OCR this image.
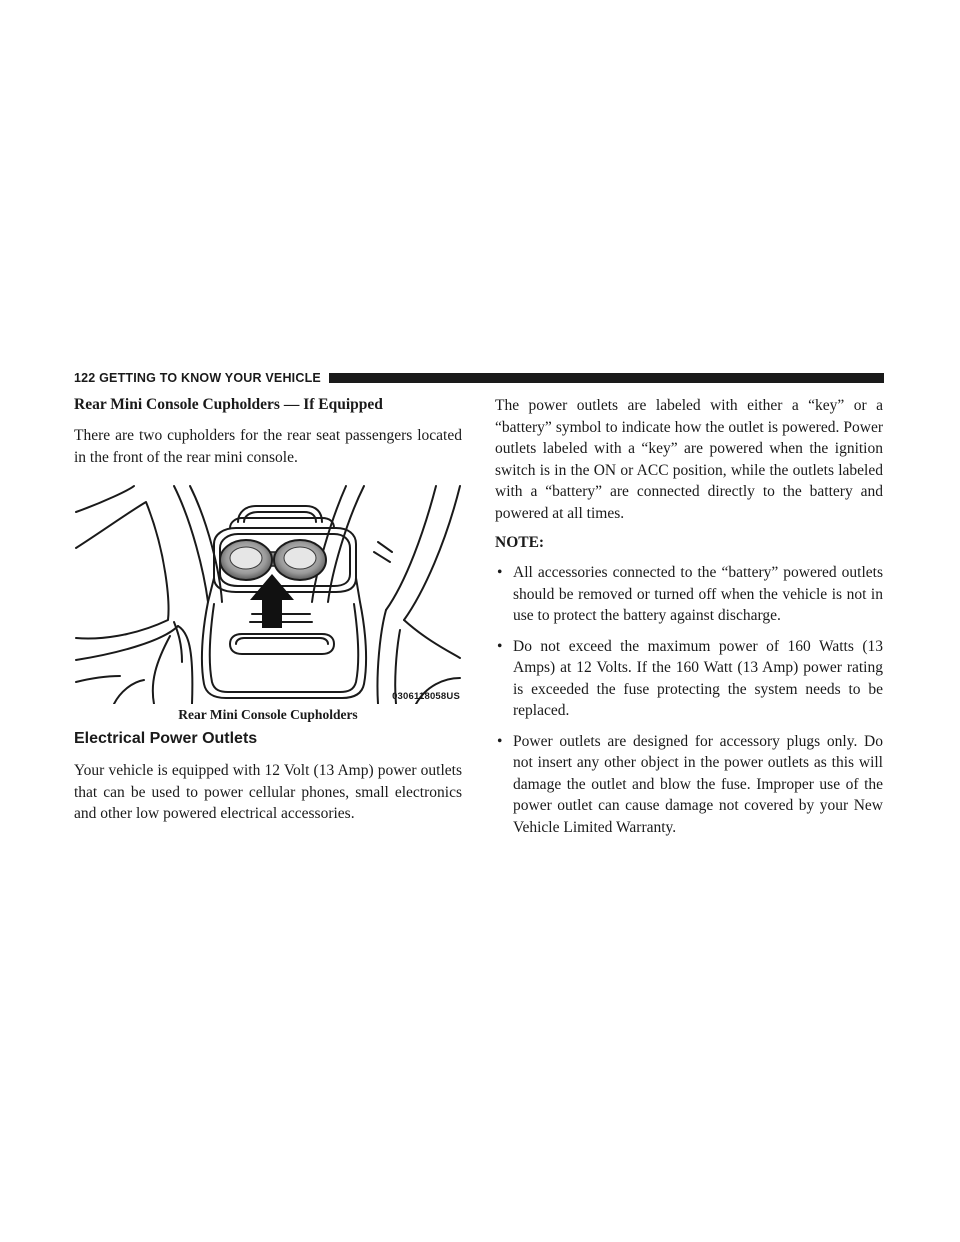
122 GETTING TO KNOW YOUR VEHICLE
Rear Mini Console Cupholders — If Equipped

There are two cupholders for the rear seat passengers located in the front of the rear mini console.

0306118058US
Rear Mini Console Cupholders
Electrical Power Outlets

Your vehicle is equipped with 12 Volt (13 Amp) power outlets that can be used to power cellular phones, small electronics and other low powered electrical accessories.

The power outlets are labeled with either a “key” or a “battery” symbol to indicate how the outlet is powered. Power outlets labeled with a “key” are powered when the ignition switch is in the ON or ACC position, while the outlets labeled with a “battery” are connected directly to the battery and powered at all times.

NOTE:
• All accessories connected to the “battery” powered outlets should be removed or turned off when the vehicle is not in use to protect the battery against discharge.
• Do not exceed the maximum power of 160 Watts (13 Amps) at 12 Volts. If the 160 Watt (13 Amp) power rating is exceeded the fuse protecting the system needs to be replaced.
• Power outlets are designed for accessory plugs only. Do not insert any other object in the power outlets as this will damage the outlet and blow the fuse. Improper use of the power outlet can cause damage not covered by your New Vehicle Limited Warranty.
